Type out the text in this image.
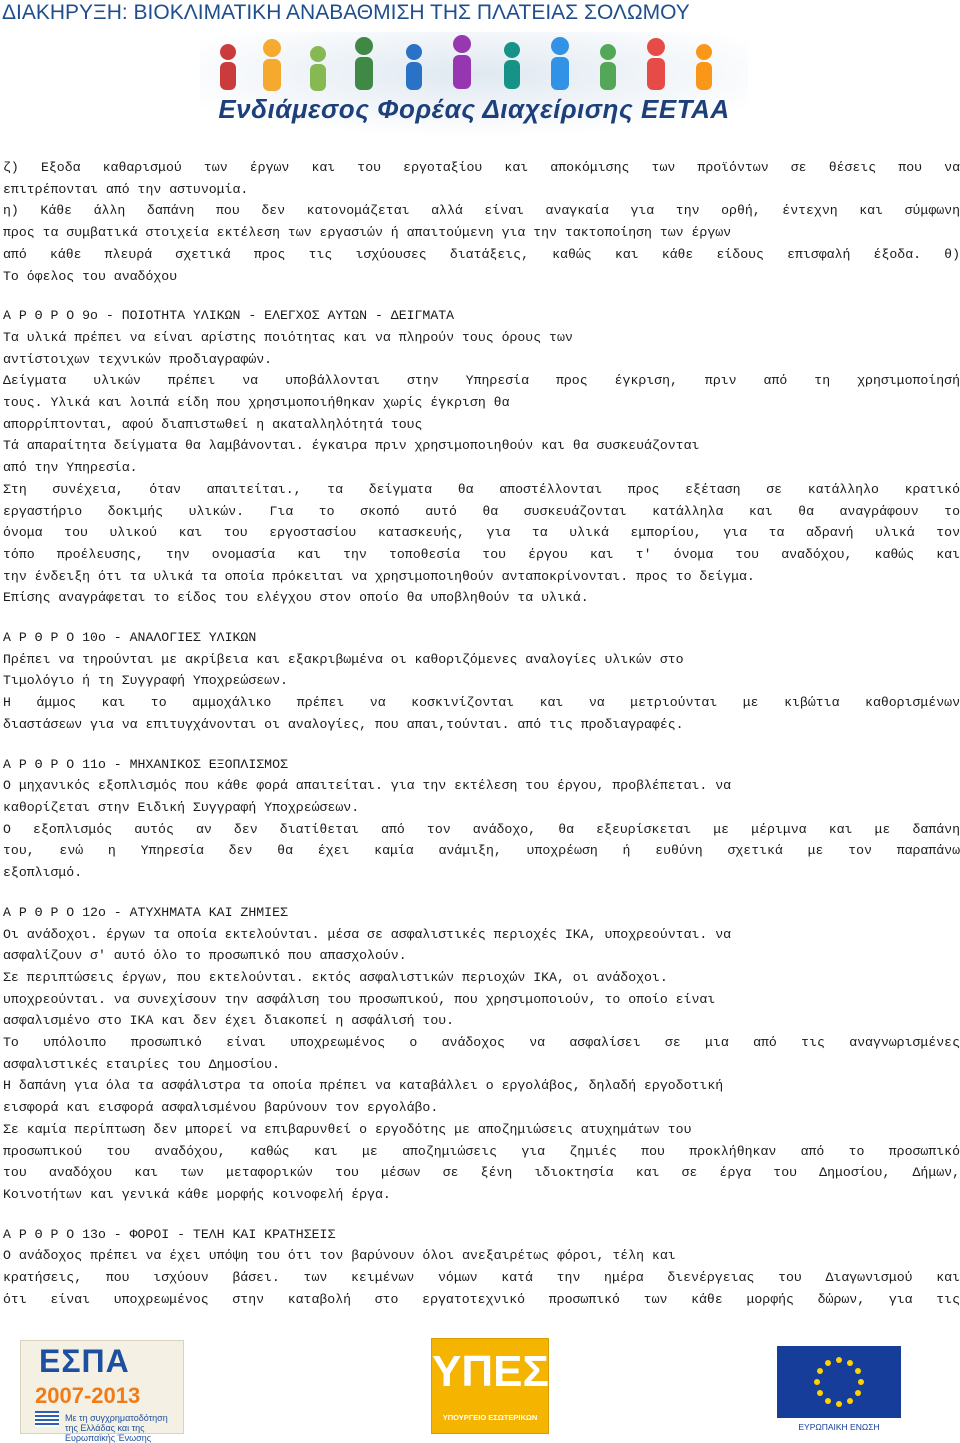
ΔΙΑΚΗΡΥΞΗ: ΒΙΟΚΛΙΜΑΤΙΚΗ ΑΝΑΒΑΘΜΙΣΗ ΤΗΣ ΠΛΑΤΕΙΑΣ ΣΟΛΩΜΟΥ
Ενδιάμεσος Φορέας Διαχείρισης ΕΕΤΑΑ

ζ) Εξοδα καθαρισμού των έργων και του εργοταξίου και αποκόμισης των προϊόντων σε θέσεις που να

επιτρέπονται από την αστυνομία.

η) Κάθε άλλη δαπάνη που δεν κατονομάζεται αλλά είναι αναγκαία για την ορθή, έντεχνη και σύμφωνη

προς τα συμβατικά στοιχεία εκτέλεση των εργασιών ή απαιτούμενη για την τακτοποίηση των έργων

από κάθε πλευρά σχετικά προς τις ισχύουσες διατάξεις, καθώς και κάθε είδους επισφαλή έξοδα. θ)

Το όφελος του αναδόχου

Α Ρ Θ Ρ Ο 9ο - ΠΟΙΟΤΗΤΑ ΥΛΙΚΩΝ - ΕΛΕΓΧΟΣ ΑΥΤΩΝ - ΔΕΙΓΜΑΤΑ

Τα υλικά πρέπει να είναι αρίστης ποιότητας και να πληρούν τους όρους των

αντίστοιχων τεχνικών προδιαγραφών.

Δείγματα υλικών πρέπει να υποβάλλονται στην Υπηρεσία προς έγκριση, πριν από τη χρησιμοποίησή

τους. Υλικά και λοιπά είδη που χρησιμοποιήθηκαν χωρίς έγκριση θα

απορρίπτονται, αφού διαπιστωθεί η ακαταλληλότητά τους

Τά απαραίτητα δείγματα θα λαμβάνονται. έγκαιρα πριν χρησιμοποιηθούν και θα συσκευάζονται

από την Υπηρεσία.

Στη συνέχεια, όταν απαιτείται., τα δείγματα θα αποστέλλονται προς εξέταση σε κατάλληλο κρατικό

εργαστήριο δοκιμής υλικών. Για το σκοπό αυτό θα συσκευάζονται κατάλληλα και θα αναγράφουν το

όνομα του υλικού και του εργοστασίου κατασκευής, για τα υλικά εμπορίου, για τα αδρανή υλικά τον

τόπο προέλευσης, την ονομασία και την τοποθεσία του έργου και τ' όνομα του αναδόχου, καθώς και

την ένδειξη ότι τα υλικά τα οποία πρόκειται να χρησιμοποιηθούν ανταποκρίνονται. προς το δείγμα.

Επίσης αναγράφεται το είδος του ελέγχου στον οποίο θα υποβληθούν τα υλικά.

Α Ρ Θ Ρ Ο 10ο - ΑΝΑΛΟΓΙΕΣ ΥΛΙΚΩΝ

Πρέπει να τηρούνται με ακρίβεια και εξακριβωμένα οι καθοριζόμενες αναλογίες υλικών στο

Τιμολόγιο ή τη Συγγραφή Υποχρεώσεων.

Η άμμος και το αμμοχάλικο πρέπει να κοσκινίζονται και να μετριούνται με κιβώτια καθορισμένων

διαστάσεων για να επιτυγχάνονται οι αναλογίες, που απαι,τούνται. από τις προδιαγραφές.

Α Ρ Θ Ρ Ο 11ο - ΜΗΧΑΝΙΚΟΣ ΕΞΟΠΛΙΣΜΟΣ

Ο μηχανικός εξοπλισμός που κάθε φορά απαιτείται. για την εκτέλεση του έργου, προβλέπεται. να

καθορίζεται στην Ειδική Συγγραφή Υποχρεώσεων.

Ο εξοπλισμός αυτός αν δεν διατίθεται από τον ανάδοχο, θα εξευρίσκεται με μέριμνα και με δαπάνη

του, ενώ η Υπηρεσία δεν θα έχει καμία ανάμιξη, υποχρέωση ή ευθύνη σχετικά με τον παραπάνω

εξοπλισμό.

Α Ρ Θ Ρ Ο 12ο - ΑΤΥΧΗΜΑΤΑ ΚΑΙ ΖΗΜΙΕΣ

Οι ανάδοχοι. έργων τα οποία εκτελούνται. μέσα σε ασφαλιστικές περιοχές ΙΚΑ, υποχρεούνται. να

ασφαλίζουν σ' αυτό όλο το προσωπικό που απασχολούν.

Σε περιπτώσεις έργων, που εκτελούνται. εκτός ασφαλιστικών περιοχών ΙΚΑ, οι ανάδοχοι.

υποχρεούνται. να συνεχίσουν την ασφάλιση του προσωπικού, που χρησιμοποιούν, το οποίο είναι

ασφαλισμένο στο ΙΚΑ και δεν έχει διακοπεί η ασφάλισή του.

Το υπόλοιπο προσωπικό είναι υποχρεωμένος ο ανάδοχος να ασφαλίσει σε μια από τις αναγνωρισμένες

ασφαλιστικές εταιρίες του Δημοσίου.

Η δαπάνη για όλα τα ασφάλιστρα τα οποία πρέπει να καταβάλλει ο εργολάβος, δηλαδή εργοδοτική

εισφορά και εισφορά ασφαλισμένου βαρύνουν τον εργολάβο.

Σε καμία περίπτωση δεν μπορεί να επιβαρυνθεί ο εργοδότης με αποζημιώσεις ατυχημάτων του

προσωπικού του αναδόχου, καθώς και με αποζημιώσεις για ζημιές που προκλήθηκαν από το προσωπικό

του αναδόχου και των μεταφορικών του μέσων σε ξένη ιδιοκτησία και σε έργα του Δημοσίου, Δήμων,

Κοινοτήτων και γενικά κάθε μορφής κοινοφελή έργα.

Α Ρ Θ Ρ Ο 13ο - ΦΟΡΟΙ - ΤΕΛΗ ΚΑΙ ΚΡΑΤΗΣΕΙΣ

Ο ανάδοχος πρέπει να έχει υπόψη του ότι τον βαρύνουν όλοι ανεξαιρέτως φόροι, τέλη και

κρατήσεις, που ισχύουν βάσει. των κειμένων νόμων κατά την ημέρα διενέργειας του Διαγωνισμού και

ότι είναι υποχρεωμένος στην καταβολή στο εργατοτεχνικό προσωπικό των κάθε μορφής δώρων, για τις

ΕΣΠΑ
2007-2013
Με τη συγχρηματοδότηση της Ελλάδας και της Ευρωπαϊκής Ένωσης
ΥΠΕΣ
ΥΠΟΥΡΓΕΙΟ ΕΣΩΤΕΡΙΚΩΝ
ΕΥΡΩΠΑΙΚΗ ΕΝΩΣΗ
